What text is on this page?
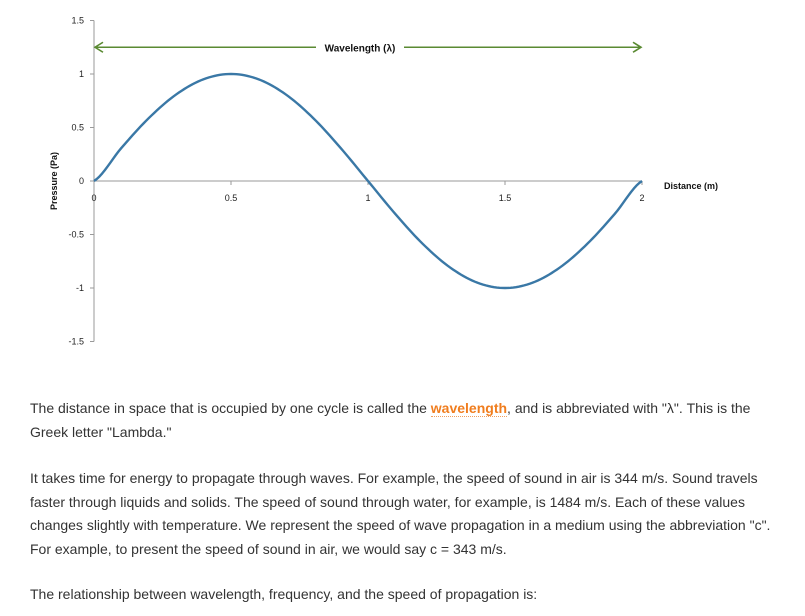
1.5
1
0.5
0
-0.5
-1
-1.5
0	0.5	1	1.5	2
Wavelength (λ)
Pressure (Pa)	Distance (m)

The distance in space that is occupied by one cycle is called the wavelength, and is abbreviated with "λ". This is the Greek letter "Lambda."

It takes time for energy to propagate through waves. For example, the speed of sound in air is 344 m/s. Sound travels faster through liquids and solids. The speed of sound through water, for example, is 1484 m/s. Each of these values changes slightly with temperature. We represent the speed of wave propagation in a medium using the abbreviation "c". For example, to present the speed of sound in air, we would say c = 343 m/s.

The relationship between wavelength, frequency, and the speed of propagation is:
